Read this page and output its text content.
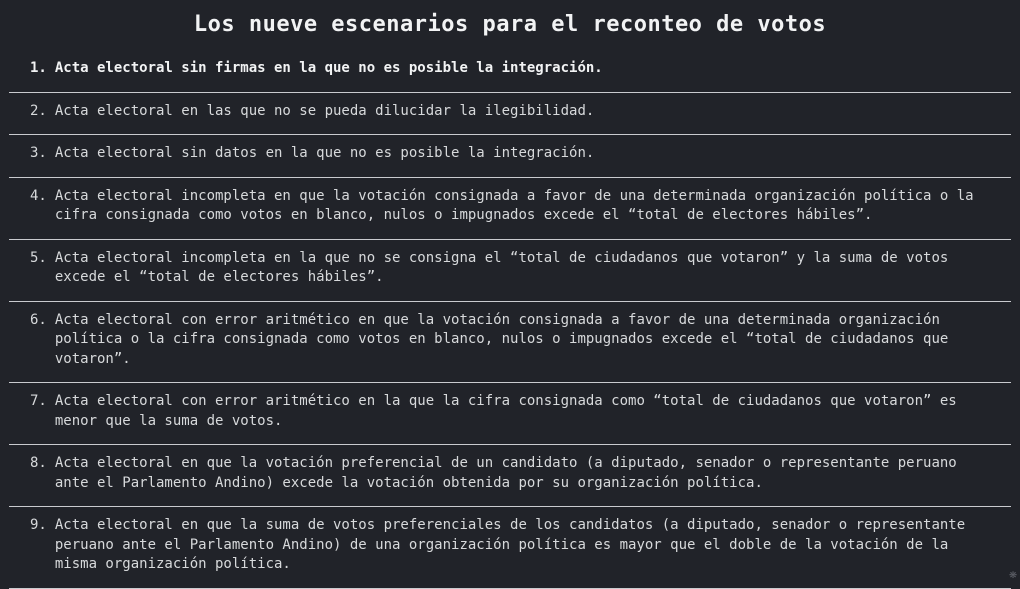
Los nueve escenarios para el reconteo de votos
1. Acta electoral sin firmas en la que no es posible la integración.
2. Acta electoral en las que no se pueda dilucidar la ilegibilidad.
3. Acta electoral sin datos en la que no es posible la integración.
4. Acta electoral incompleta en que la votación consignada a favor de una determinada organización política o la cifra consignada como votos en blanco, nulos o impugnados excede el “total de electores hábiles”.
5. Acta electoral incompleta en la que no se consigna el “total de ciudadanos que votaron” y la suma de votos excede el “total de electores hábiles”.
6. Acta electoral con error aritmético en que la votación consignada a favor de una determinada organización política o la cifra consignada como votos en blanco, nulos o impugnados excede el “total de ciudadanos que votaron”.
7. Acta electoral con error aritmético en la que la cifra consignada como “total de ciudadanos que votaron” es menor que la suma de votos.
8. Acta electoral en que la votación preferencial de un candidato (a diputado, senador o representante peruano ante el Parlamento Andino) excede la votación obtenida por su organización política.
9. Acta electoral en que la suma de votos preferenciales de los candidatos (a diputado, senador o representante peruano ante el Parlamento Andino) de una organización política es mayor que el doble de la votación de la misma organización política.
❋
